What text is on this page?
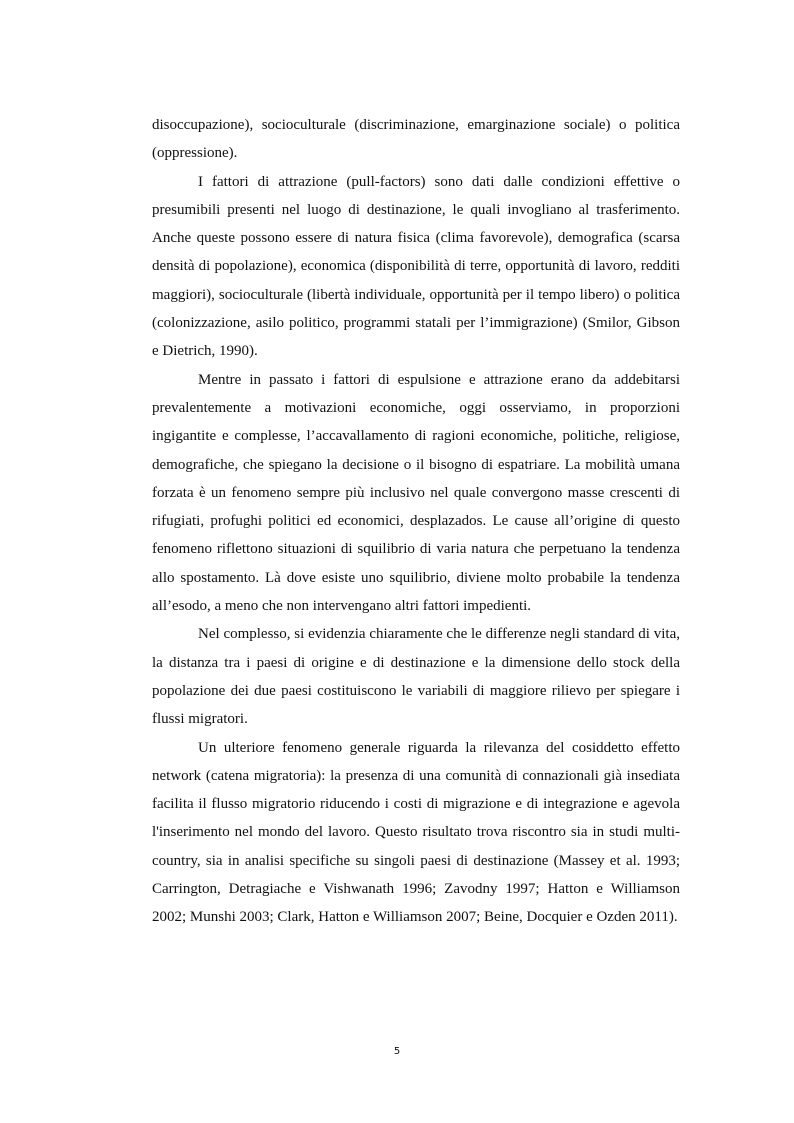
disoccupazione), socioculturale (discriminazione, emarginazione sociale) o politica (oppressione).

I fattori di attrazione (pull-factors) sono dati dalle condizioni effettive o presumibili presenti nel luogo di destinazione, le quali invogliano al trasferimento. Anche queste possono essere di natura fisica (clima favorevole), demografica (scarsa densità di popolazione), economica (disponibilità di terre, opportunità di lavoro, redditi maggiori), socioculturale (libertà individuale, opportunità per il tempo libero) o politica (colonizzazione, asilo politico, programmi statali per l’immigrazione) (Smilor, Gibson e Dietrich, 1990).

Mentre in passato i fattori di espulsione e attrazione erano da addebitarsi prevalentemente a motivazioni economiche, oggi osserviamo, in proporzioni ingigantite e complesse, l’accavallamento di ragioni economiche, politiche, religiose, demografiche, che spiegano la decisione o il bisogno di espatriare. La mobilità umana forzata è un fenomeno sempre più inclusivo nel quale convergono masse crescenti di rifugiati, profughi politici ed economici, desplazados. Le cause all’origine di questo fenomeno riflettono situazioni di squilibrio di varia natura che perpetuano la tendenza allo spostamento. Là dove esiste uno squilibrio, diviene molto probabile la tendenza all’esodo, a meno che non intervengano altri fattori impedienti.

Nel complesso, si evidenzia chiaramente che le differenze negli standard di vita, la distanza tra i paesi di origine e di destinazione e la dimensione dello stock della popolazione dei due paesi costituiscono le variabili di maggiore rilievo per spiegare i flussi migratori.

Un ulteriore fenomeno generale riguarda la rilevanza del cosiddetto effetto network (catena migratoria): la presenza di una comunità di connazionali già insediata facilita il flusso migratorio riducendo i costi di migrazione e di integrazione e agevola l'inserimento nel mondo del lavoro. Questo risultato trova riscontro sia in studi multi-country, sia in analisi specifiche su singoli paesi di destinazione (Massey et al. 1993; Carrington, Detragiache e Vishwanath 1996; Zavodny 1997; Hatton e Williamson 2002; Munshi 2003; Clark, Hatton e Williamson 2007; Beine, Docquier e Ozden 2011).

5
